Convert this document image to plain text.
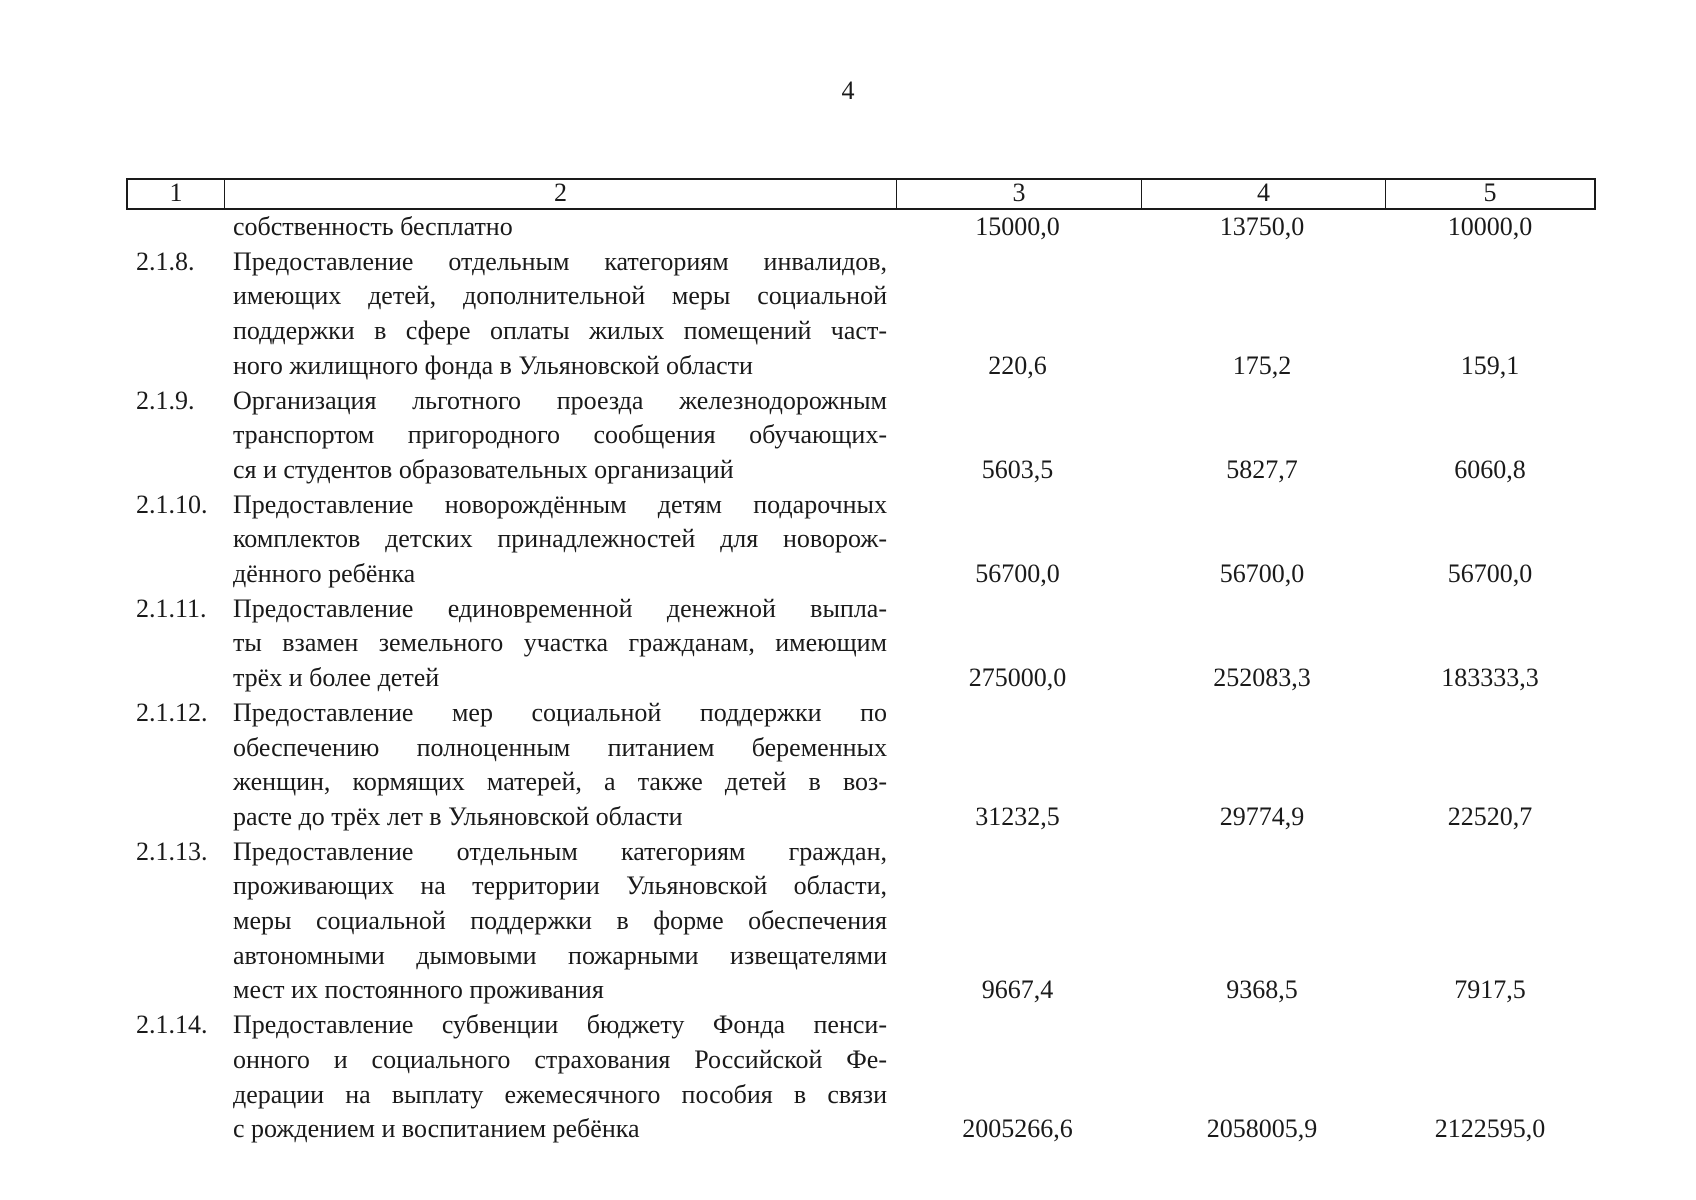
4
1	2	3	4	5
собственность бесплатно	15000,0	13750,0	10000,0
2.1.8.	Предоставление отдельным категориям инвалидов,
имеющих детей, дополнительной меры социальной
поддержки в сфере оплаты жилых помещений част-
ного жилищного фонда в Ульяновской области	220,6	175,2	159,1
2.1.9.	Организация льготного проезда железнодорожным
транспортом пригородного сообщения обучающих-
ся и студентов образовательных организаций	5603,5	5827,7	6060,8
2.1.10. Предоставление новорождённым детям подарочных
комплектов детских принадлежностей для новорож-
дённого ребёнка	56700,0	56700,0	56700,0
2.1.11.	Предоставление единовременной денежной выпла-
ты взамен земельного участка гражданам, имеющим
трёх и более детей	275000,0	252083,3	183333,3
2.1.12. Предоставление мер социальной поддержки по
обеспечению полноценным питанием беременных
женщин, кормящих матерей, а также детей в воз-
расте до трёх лет в Ульяновской области	31232,5	29774,9	22520,7
2.1.13. Предоставление отдельным категориям граждан,
проживающих на территории Ульяновской области,
меры социальной поддержки в форме обеспечения
автономными дымовыми пожарными извещателями
мест их постоянного проживания	9667,4	9368,5	7917,5
2.1.14. Предоставление субвенции бюджету Фонда пенси-
онного и социального страхования Российской Фе-
дерации на выплату ежемесячного пособия в связи
с рождением и воспитанием ребёнка	2005266,6	2058005,9	2122595,0
